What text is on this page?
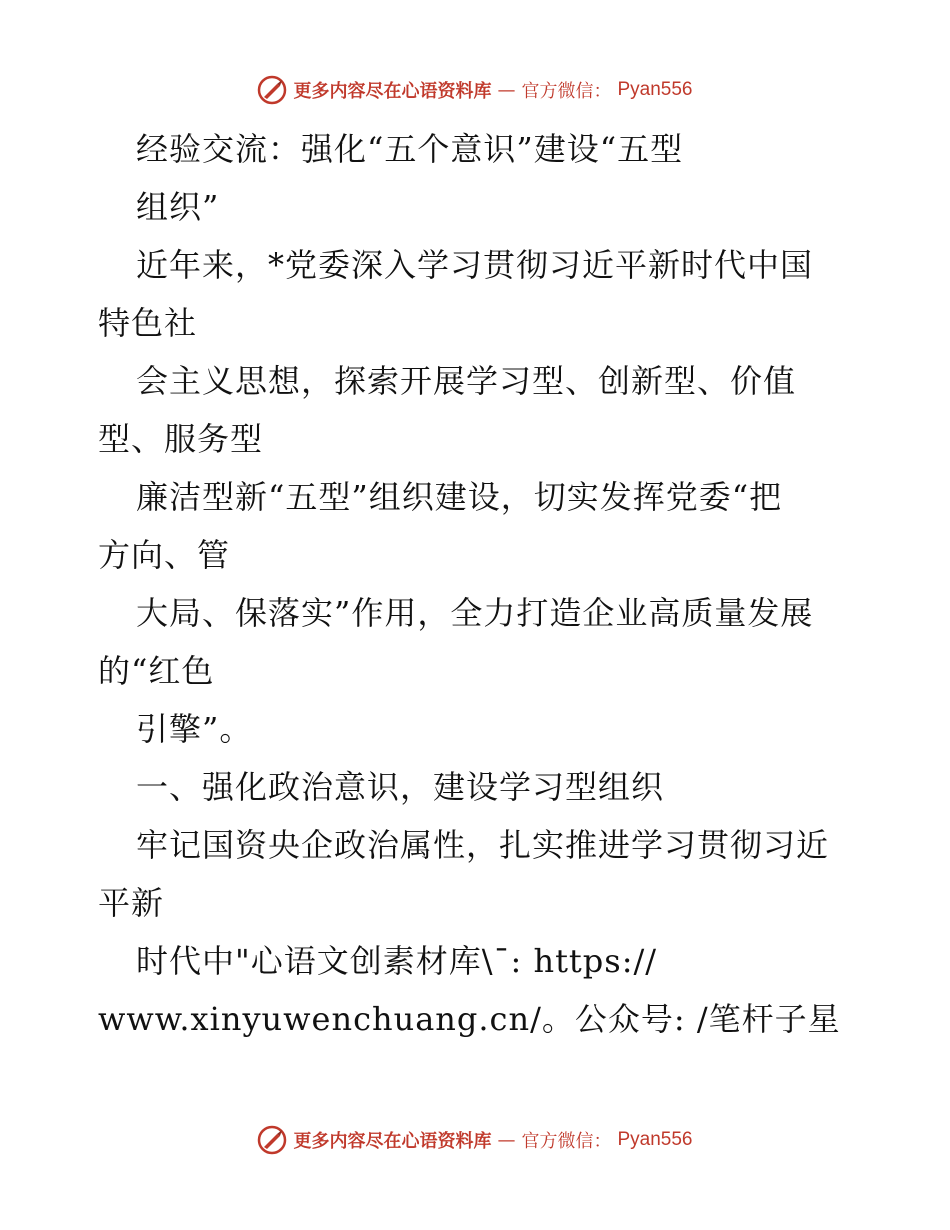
更多内容尽在心语资料库 — 官方微信： Pyan556
经验交流：强化“五个意识”建设“五型
组织”
近年来，*党委深入学习贯彻习近平新时代中国
特色社
会主义思想，探索开展学习型、创新型、价值
型、服务型
廉洁型新“五型”组织建设，切实发挥党委“把
方向、管
大局、保落实”作用，全力打造企业高质量发展
的“红色
引擎”。
一、强化政治意识，建设学习型组织
牢记国资央企政治属性，扎实推进学习贯彻习近
平新
时代中"心语文创素材库\¯: https://
www.xinyuwenchuang.cn/。公众号: /笔杆子星
更多内容尽在心语资料库 — 官方微信： Pyan556
